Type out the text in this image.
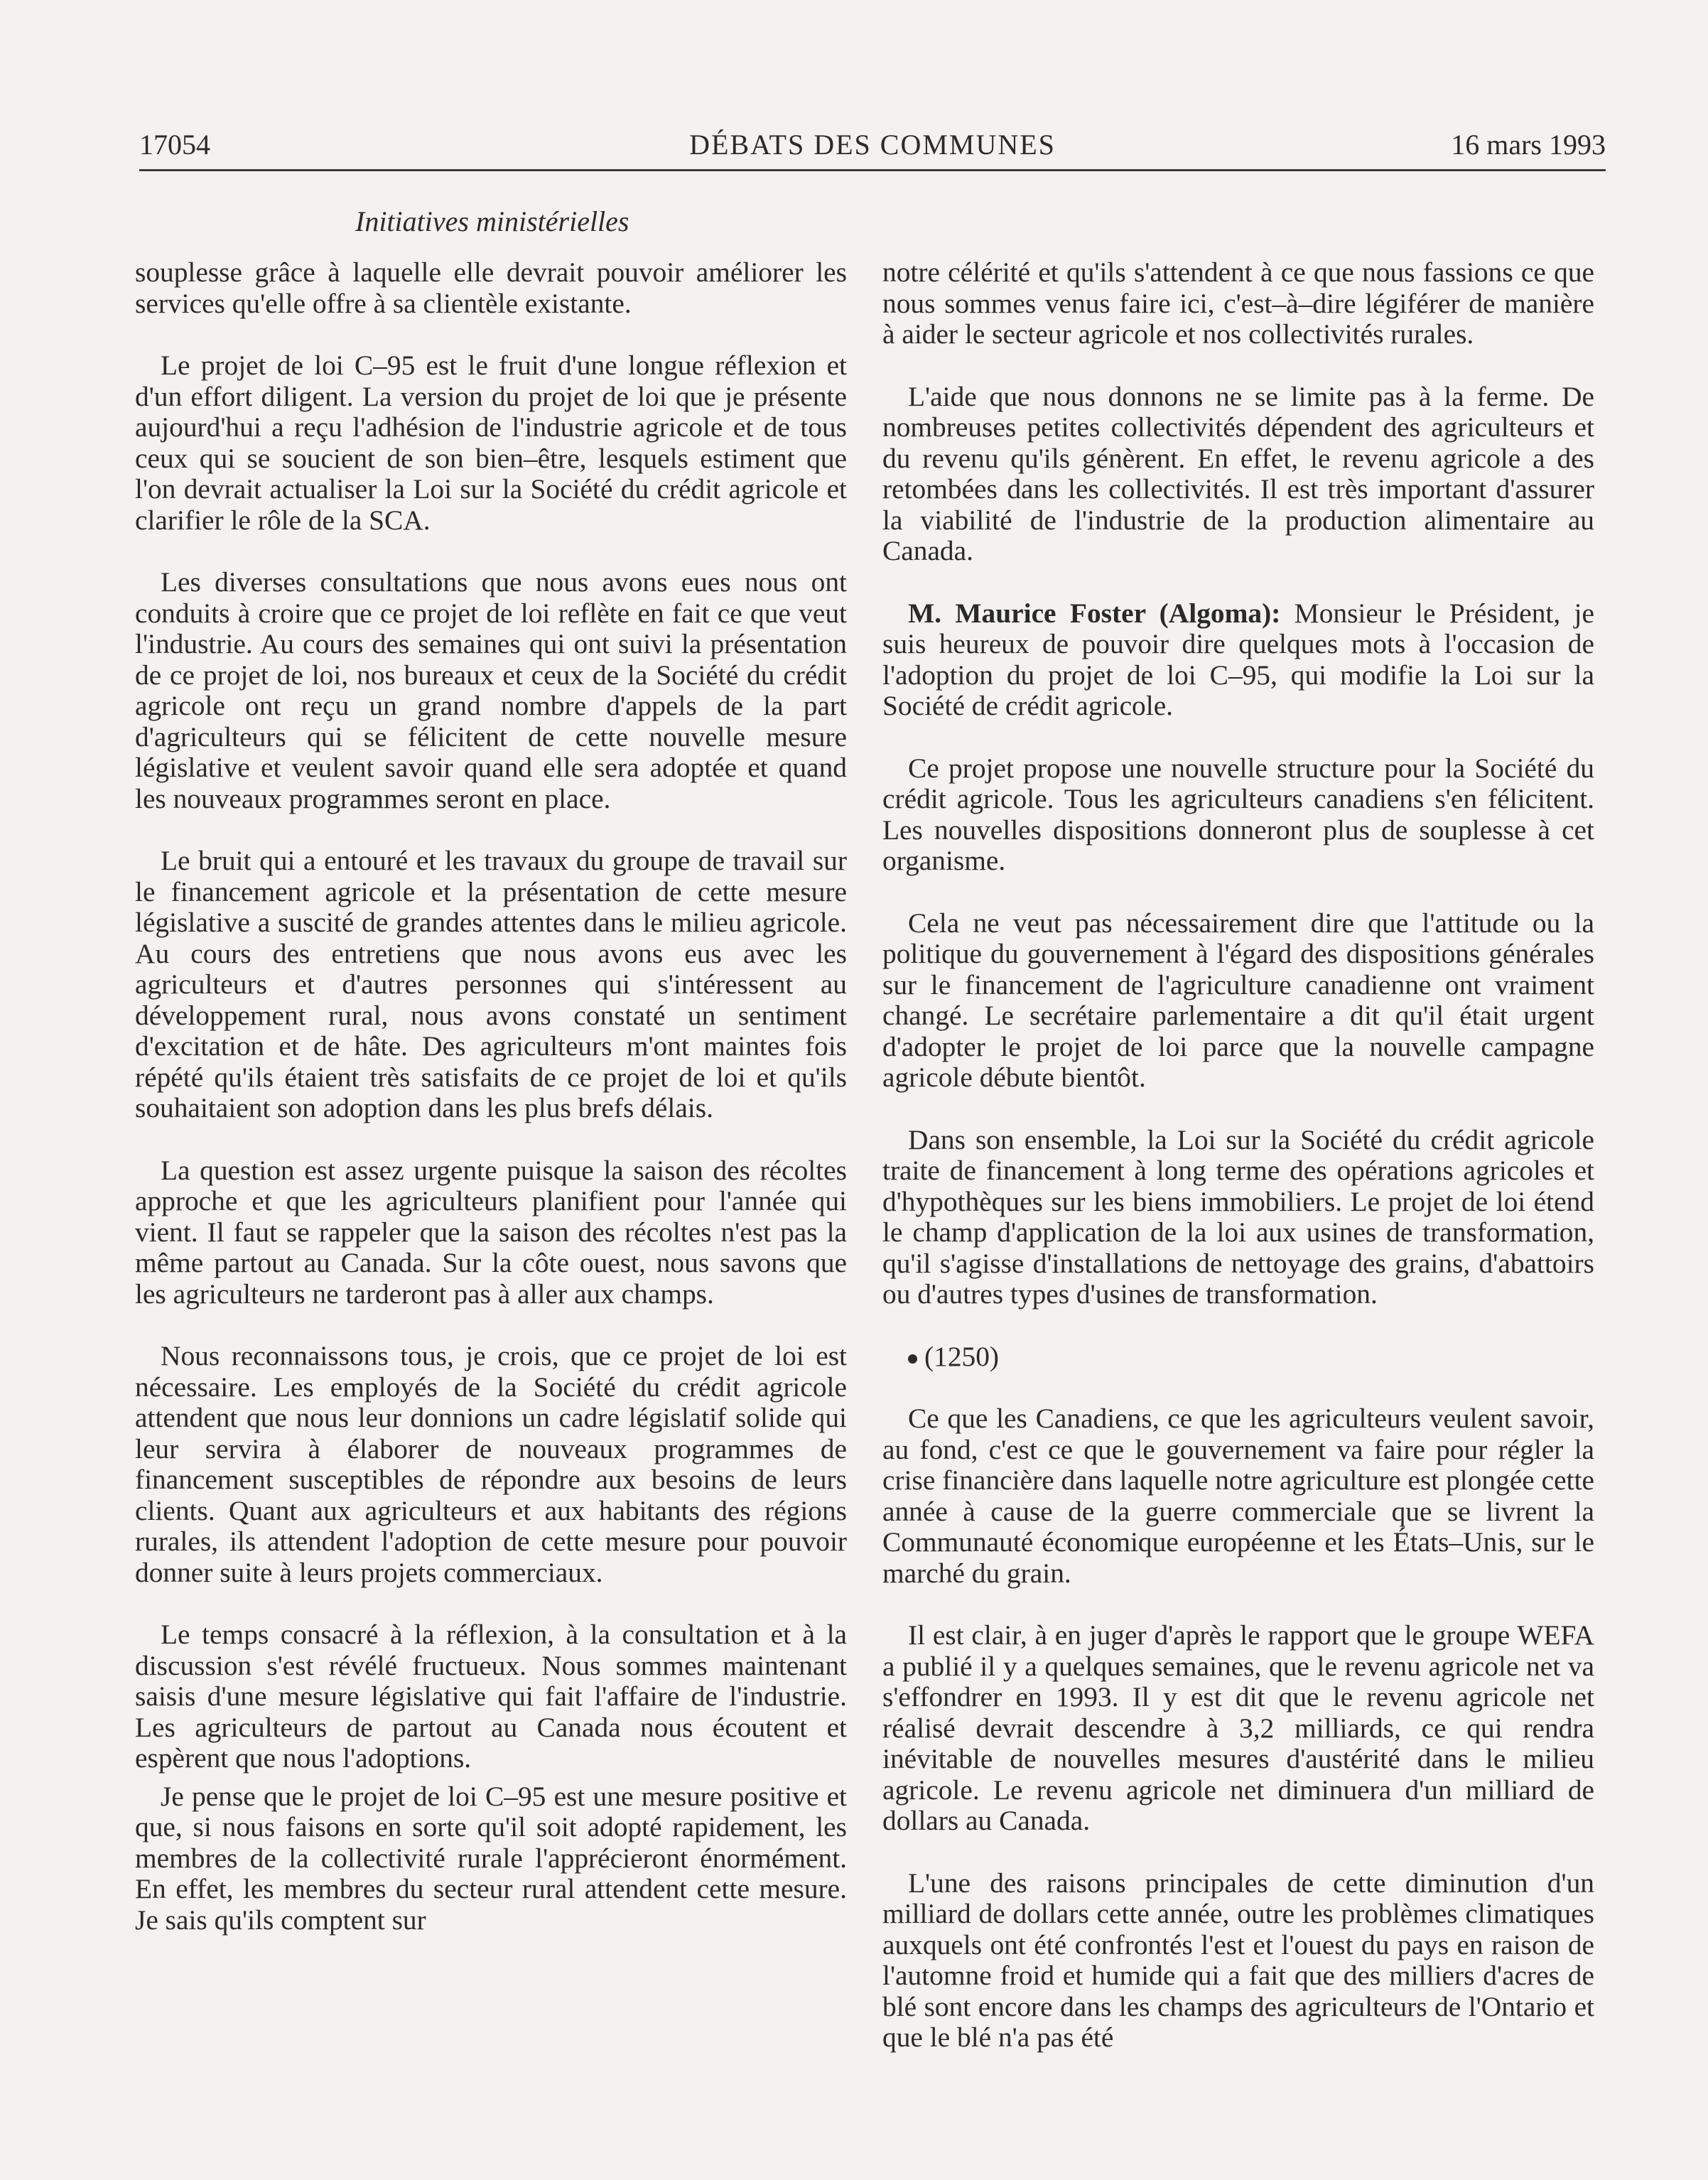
17054	DÉBATS DES COMMUNES	16 mars 1993
Initiatives ministérielles

souplesse grâce à laquelle elle devrait pouvoir améliorer les services qu'elle offre à sa clientèle existante.

Le projet de loi C–95 est le fruit d'une longue réflexion et d'un effort diligent. La version du projet de loi que je présente aujourd'hui a reçu l'adhésion de l'industrie agricole et de tous ceux qui se soucient de son bien–être, lesquels estiment que l'on devrait actualiser la Loi sur la Société du crédit agricole et clarifier le rôle de la SCA.

Les diverses consultations que nous avons eues nous ont conduits à croire que ce projet de loi reflète en fait ce que veut l'industrie. Au cours des semaines qui ont suivi la présentation de ce projet de loi, nos bureaux et ceux de la Société du crédit agricole ont reçu un grand nombre d'appels de la part d'agriculteurs qui se félicitent de cette nouvelle mesure législative et veulent savoir quand elle sera adoptée et quand les nouveaux programmes seront en place.

Le bruit qui a entouré et les travaux du groupe de travail sur le financement agricole et la présentation de cette mesure législative a suscité de grandes attentes dans le milieu agricole. Au cours des entretiens que nous avons eus avec les agriculteurs et d'autres personnes qui s'intéressent au développement rural, nous avons constaté un sentiment d'excitation et de hâte. Des agriculteurs m'ont maintes fois répété qu'ils étaient très satisfaits de ce projet de loi et qu'ils souhaitaient son adoption dans les plus brefs délais.

La question est assez urgente puisque la saison des récoltes approche et que les agriculteurs planifient pour l'année qui vient. Il faut se rappeler que la saison des récoltes n'est pas la même partout au Canada. Sur la côte ouest, nous savons que les agriculteurs ne tarderont pas à aller aux champs.

Nous reconnaissons tous, je crois, que ce projet de loi est nécessaire. Les employés de la Société du crédit agricole attendent que nous leur donnions un cadre législatif solide qui leur servira à élaborer de nouveaux programmes de financement susceptibles de répondre aux besoins de leurs clients. Quant aux agriculteurs et aux habitants des régions rurales, ils attendent l'adoption de cette mesure pour pouvoir donner suite à leurs projets commerciaux.

Le temps consacré à la réflexion, à la consultation et à la discussion s'est révélé fructueux. Nous sommes maintenant saisis d'une mesure législative qui fait l'affaire de l'industrie. Les agriculteurs de partout au Canada nous écoutent et espèrent que nous l'adoptions.

Je pense que le projet de loi C–95 est une mesure positive et que, si nous faisons en sorte qu'il soit adopté rapidement, les membres de la collectivité rurale l'apprécieront énormément. En effet, les membres du secteur rural attendent cette mesure. Je sais qu'ils comptent sur

notre célérité et qu'ils s'attendent à ce que nous fassions ce que nous sommes venus faire ici, c'est–à–dire légiférer de manière à aider le secteur agricole et nos collectivités rurales.

L'aide que nous donnons ne se limite pas à la ferme. De nombreuses petites collectivités dépendent des agriculteurs et du revenu qu'ils génèrent. En effet, le revenu agricole a des retombées dans les collectivités. Il est très important d'assurer la viabilité de l'industrie de la production alimentaire au Canada.

M. Maurice Foster (Algoma): Monsieur le Président, je suis heureux de pouvoir dire quelques mots à l'occasion de l'adoption du projet de loi C–95, qui modifie la Loi sur la Société de crédit agricole.

Ce projet propose une nouvelle structure pour la Société du crédit agricole. Tous les agriculteurs canadiens s'en félicitent. Les nouvelles dispositions donneront plus de souplesse à cet organisme.

Cela ne veut pas nécessairement dire que l'attitude ou la politique du gouvernement à l'égard des dispositions générales sur le financement de l'agriculture canadienne ont vraiment changé. Le secrétaire parlementaire a dit qu'il était urgent d'adopter le projet de loi parce que la nouvelle campagne agricole débute bientôt.

Dans son ensemble, la Loi sur la Société du crédit agricole traite de financement à long terme des opérations agricoles et d'hypothèques sur les biens immobiliers. Le projet de loi étend le champ d'application de la loi aux usines de transformation, qu'il s'agisse d'installations de nettoyage des grains, d'abattoirs ou d'autres types d'usines de transformation.

(1250)

Ce que les Canadiens, ce que les agriculteurs veulent savoir, au fond, c'est ce que le gouvernement va faire pour régler la crise financière dans laquelle notre agriculture est plongée cette année à cause de la guerre commerciale que se livrent la Communauté économique européenne et les États–Unis, sur le marché du grain.

Il est clair, à en juger d'après le rapport que le groupe WEFA a publié il y a quelques semaines, que le revenu agricole net va s'effondrer en 1993. Il y est dit que le revenu agricole net réalisé devrait descendre à 3,2 milliards, ce qui rendra inévitable de nouvelles mesures d'austérité dans le milieu agricole. Le revenu agricole net diminuera d'un milliard de dollars au Canada.

L'une des raisons principales de cette diminution d'un milliard de dollars cette année, outre les problèmes climatiques auxquels ont été confrontés l'est et l'ouest du pays en raison de l'automne froid et humide qui a fait que des milliers d'acres de blé sont encore dans les champs des agriculteurs de l'Ontario et que le blé n'a pas été
